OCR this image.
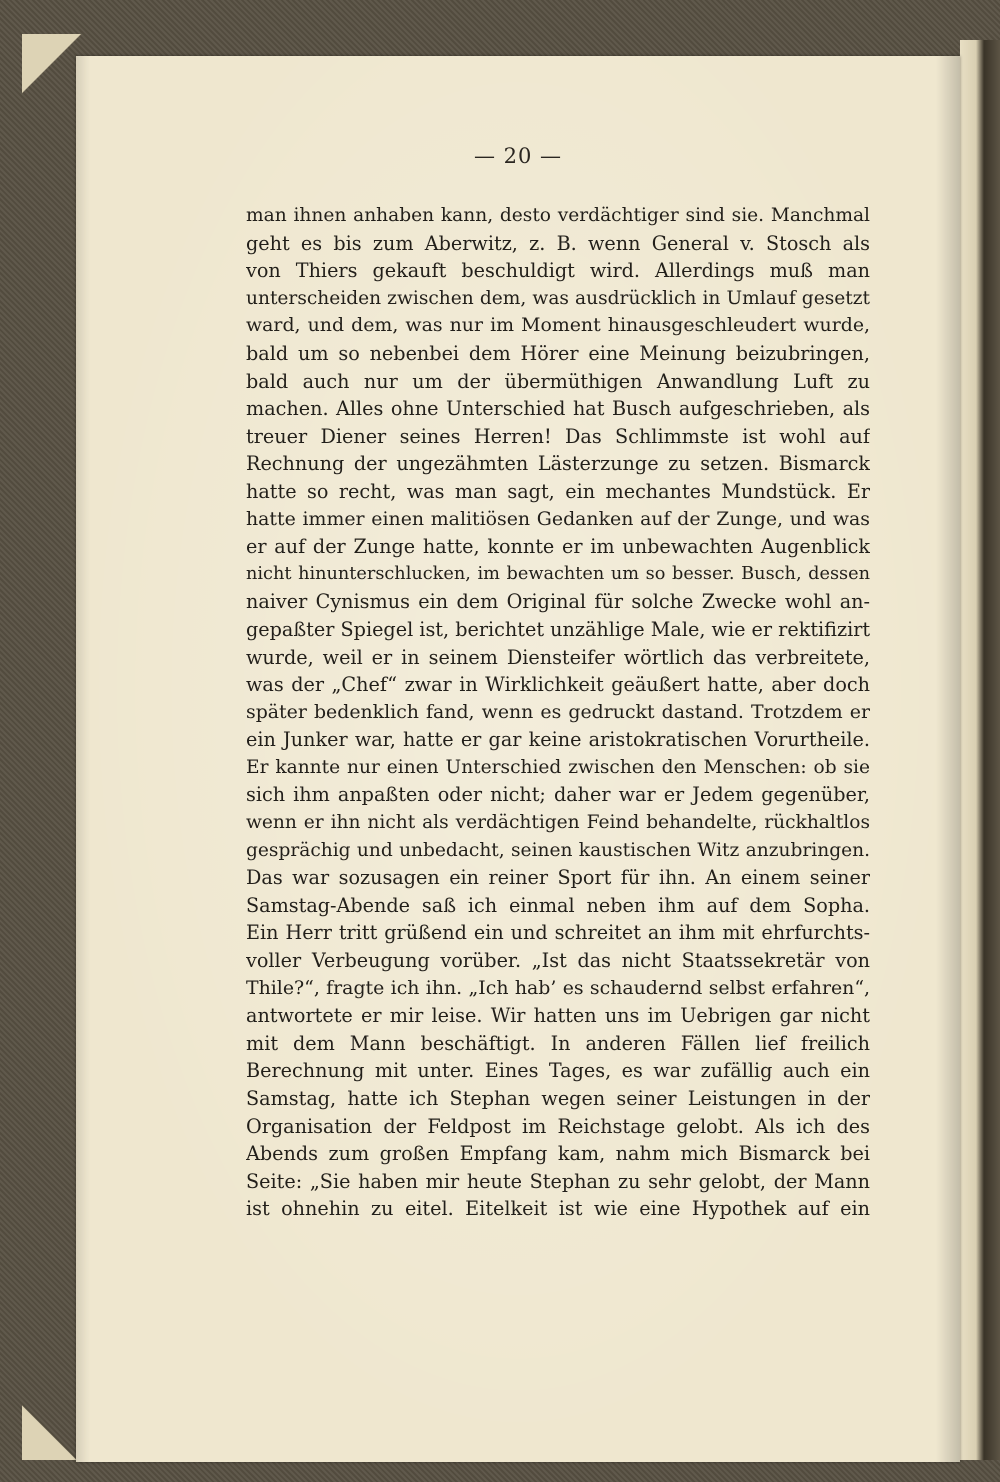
— 20 —
man ihnen anhaben kann, desto verdächtiger sind sie. Manchmal
geht es bis zum Aberwitz, z. B. wenn General v. Stosch als
von Thiers gekauft beschuldigt wird. Allerdings muß man
unterscheiden zwischen dem, was ausdrücklich in Umlauf gesetzt
ward, und dem, was nur im Moment hinausgeschleudert wurde,
bald um so nebenbei dem Hörer eine Meinung beizubringen,
bald auch nur um der übermüthigen Anwandlung Luft zu
machen. Alles ohne Unterschied hat Busch aufgeschrieben, als
treuer Diener seines Herren! Das Schlimmste ist wohl auf
Rechnung der ungezähmten Lästerzunge zu setzen. Bismarck
hatte so recht, was man sagt, ein mechantes Mundstück. Er
hatte immer einen malitiösen Gedanken auf der Zunge, und was
er auf der Zunge hatte, konnte er im unbewachten Augenblick
nicht hinunterschlucken, im bewachten um so besser. Busch, dessen
naiver Cynismus ein dem Original für solche Zwecke wohl an-
gepaßter Spiegel ist, berichtet unzählige Male, wie er rektifizirt
wurde, weil er in seinem Diensteifer wörtlich das verbreitete,
was der „Chef“ zwar in Wirklichkeit geäußert hatte, aber doch
später bedenklich fand, wenn es gedruckt dastand. Trotzdem er
ein Junker war, hatte er gar keine aristokratischen Vorurtheile.
Er kannte nur einen Unterschied zwischen den Menschen: ob sie
sich ihm anpaßten oder nicht; daher war er Jedem gegenüber,
wenn er ihn nicht als verdächtigen Feind behandelte, rückhaltlos
gesprächig und unbedacht, seinen kaustischen Witz anzubringen.
Das war sozusagen ein reiner Sport für ihn. An einem seiner
Samstag-Abende saß ich einmal neben ihm auf dem Sopha.
Ein Herr tritt grüßend ein und schreitet an ihm mit ehrfurchts-
voller Verbeugung vorüber. „Ist das nicht Staatssekretär von
Thile?“, fragte ich ihn. „Ich hab’ es schaudernd selbst erfahren“,
antwortete er mir leise. Wir hatten uns im Uebrigen gar nicht
mit dem Mann beschäftigt. In anderen Fällen lief freilich
Berechnung mit unter. Eines Tages, es war zufällig auch ein
Samstag, hatte ich Stephan wegen seiner Leistungen in der
Organisation der Feldpost im Reichstage gelobt. Als ich des
Abends zum großen Empfang kam, nahm mich Bismarck bei
Seite: „Sie haben mir heute Stephan zu sehr gelobt, der Mann
ist ohnehin zu eitel. Eitelkeit ist wie eine Hypothek auf ein
